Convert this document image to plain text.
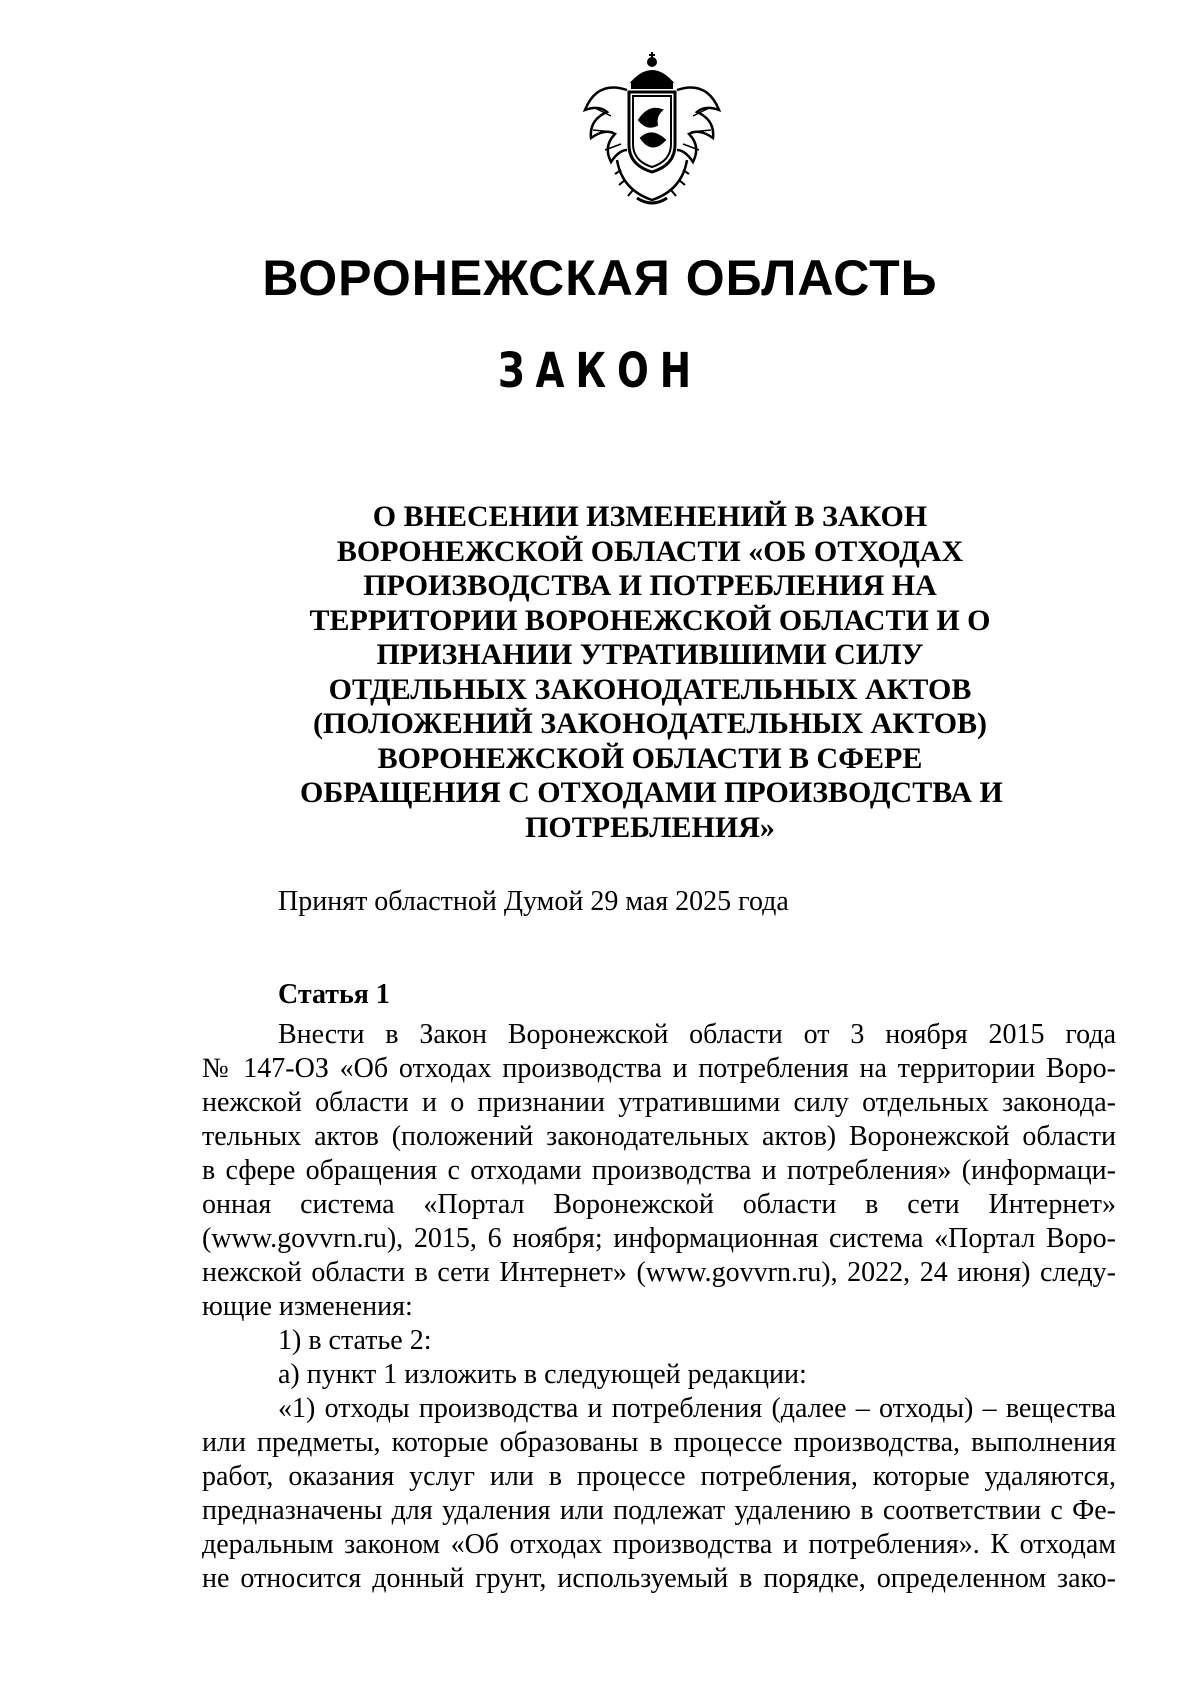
ВОРОНЕЖСКАЯ ОБЛАСТЬ
ЗАКОН
О ВНЕСЕНИИ ИЗМЕНЕНИЙ В ЗАКОН
ВОРОНЕЖСКОЙ ОБЛАСТИ «ОБ ОТХОДАХ
ПРОИЗВОДСТВА И ПОТРЕБЛЕНИЯ НА
ТЕРРИТОРИИ ВОРОНЕЖСКОЙ ОБЛАСТИ И О
ПРИЗНАНИИ УТРАТИВШИМИ СИЛУ
ОТДЕЛЬНЫХ ЗАКОНОДАТЕЛЬНЫХ АКТОВ
(ПОЛОЖЕНИЙ ЗАКОНОДАТЕЛЬНЫХ АКТОВ)
ВОРОНЕЖСКОЙ ОБЛАСТИ В СФЕРЕ
ОБРАЩЕНИЯ С ОТХОДАМИ ПРОИЗВОДСТВА И
ПОТРЕБЛЕНИЯ»
Принят областной Думой 29 мая 2025 года
Статья 1
Внести в Закон Воронежской области от 3 ноября 2015 года
№ 147-ОЗ «Об отходах производства и потребления на территории Воро-
нежской области и о признании утратившими силу отдельных законода-
тельных актов (положений законодательных актов) Воронежской области
в сфере обращения с отходами производства и потребления» (информаци-
онная система «Портал Воронежской области в сети Интернет»
(www.govvrn.ru), 2015, 6 ноября; информационная система «Портал Воро-
нежской области в сети Интернет» (www.govvrn.ru), 2022, 24 июня) следу-
ющие изменения:
1) в статье 2:
а) пункт 1 изложить в следующей редакции:
«1) отходы производства и потребления (далее – отходы) – вещества
или предметы, которые образованы в процессе производства, выполнения
работ, оказания услуг или в процессе потребления, которые удаляются,
предназначены для удаления или подлежат удалению в соответствии с Фе-
деральным законом «Об отходах производства и потребления». К отходам
не относится донный грунт, используемый в порядке, определенном зако-
